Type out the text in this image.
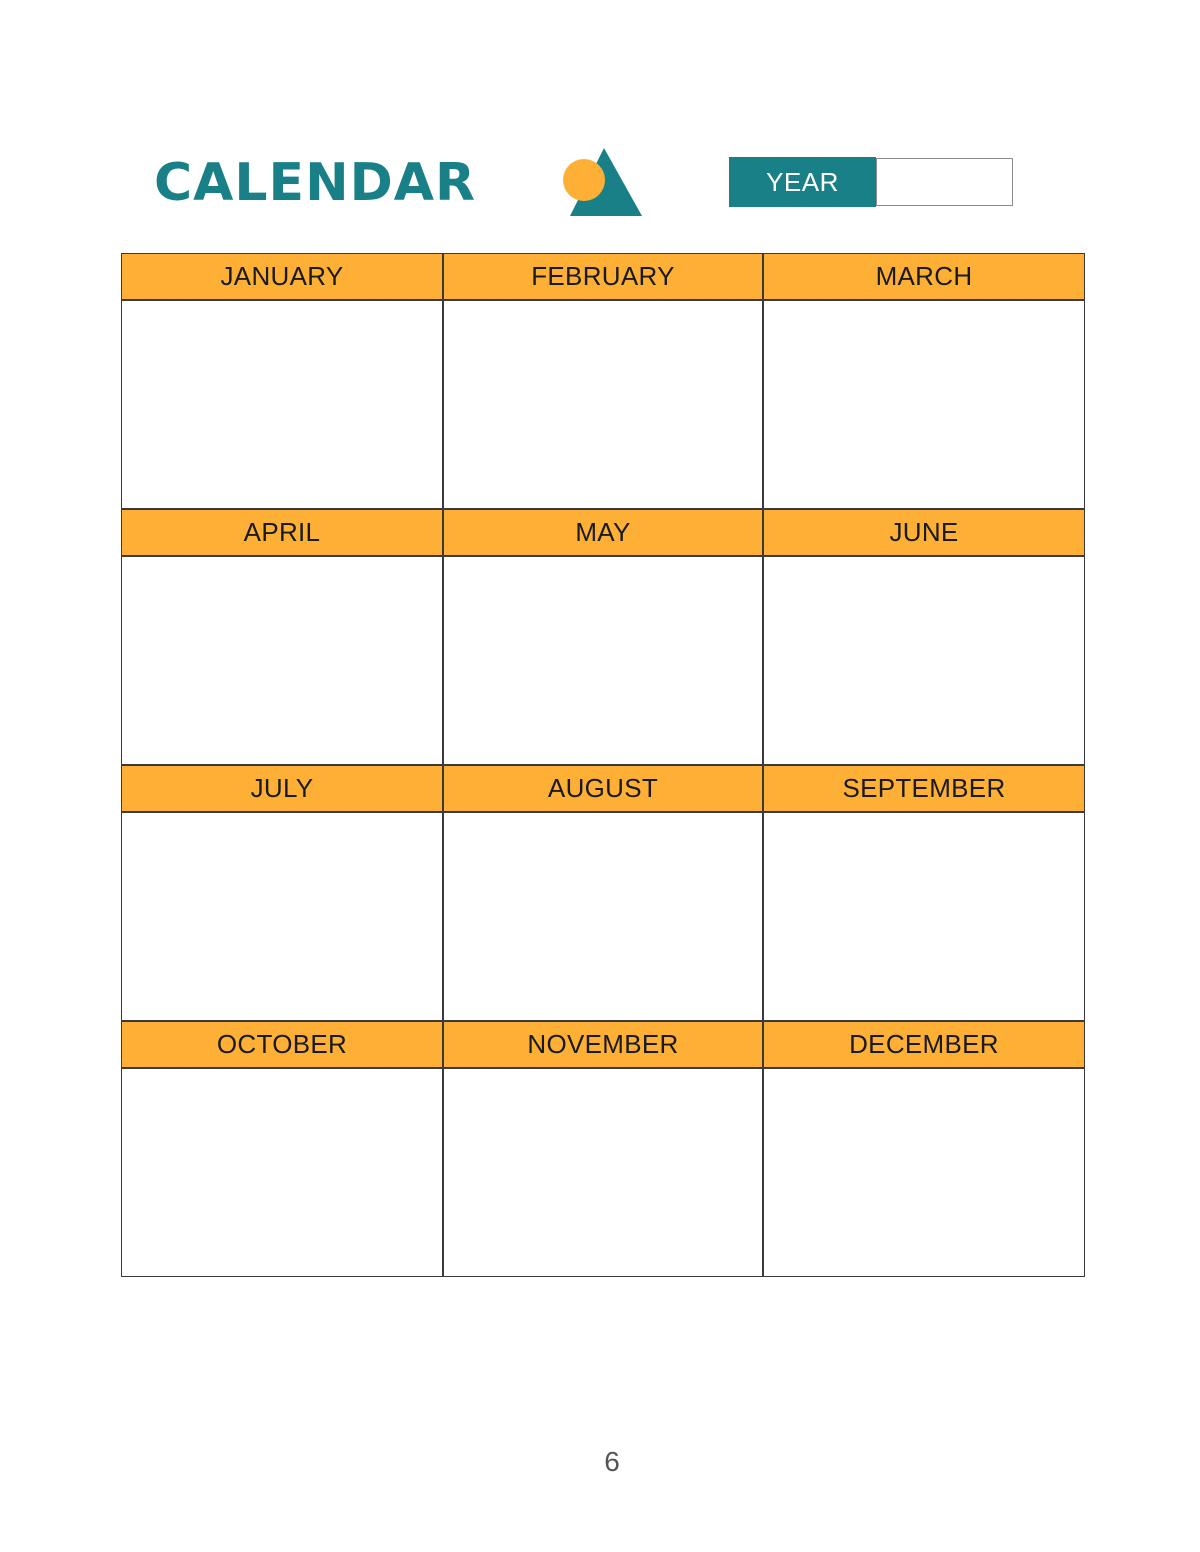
CALENDAR	YEAR
JANUARY	FEBRUARY	MARCH
APRIL	MAY	JUNE
JULY	AUGUST	SEPTEMBER
OCTOBER	NOVEMBER	DECEMBER
6
